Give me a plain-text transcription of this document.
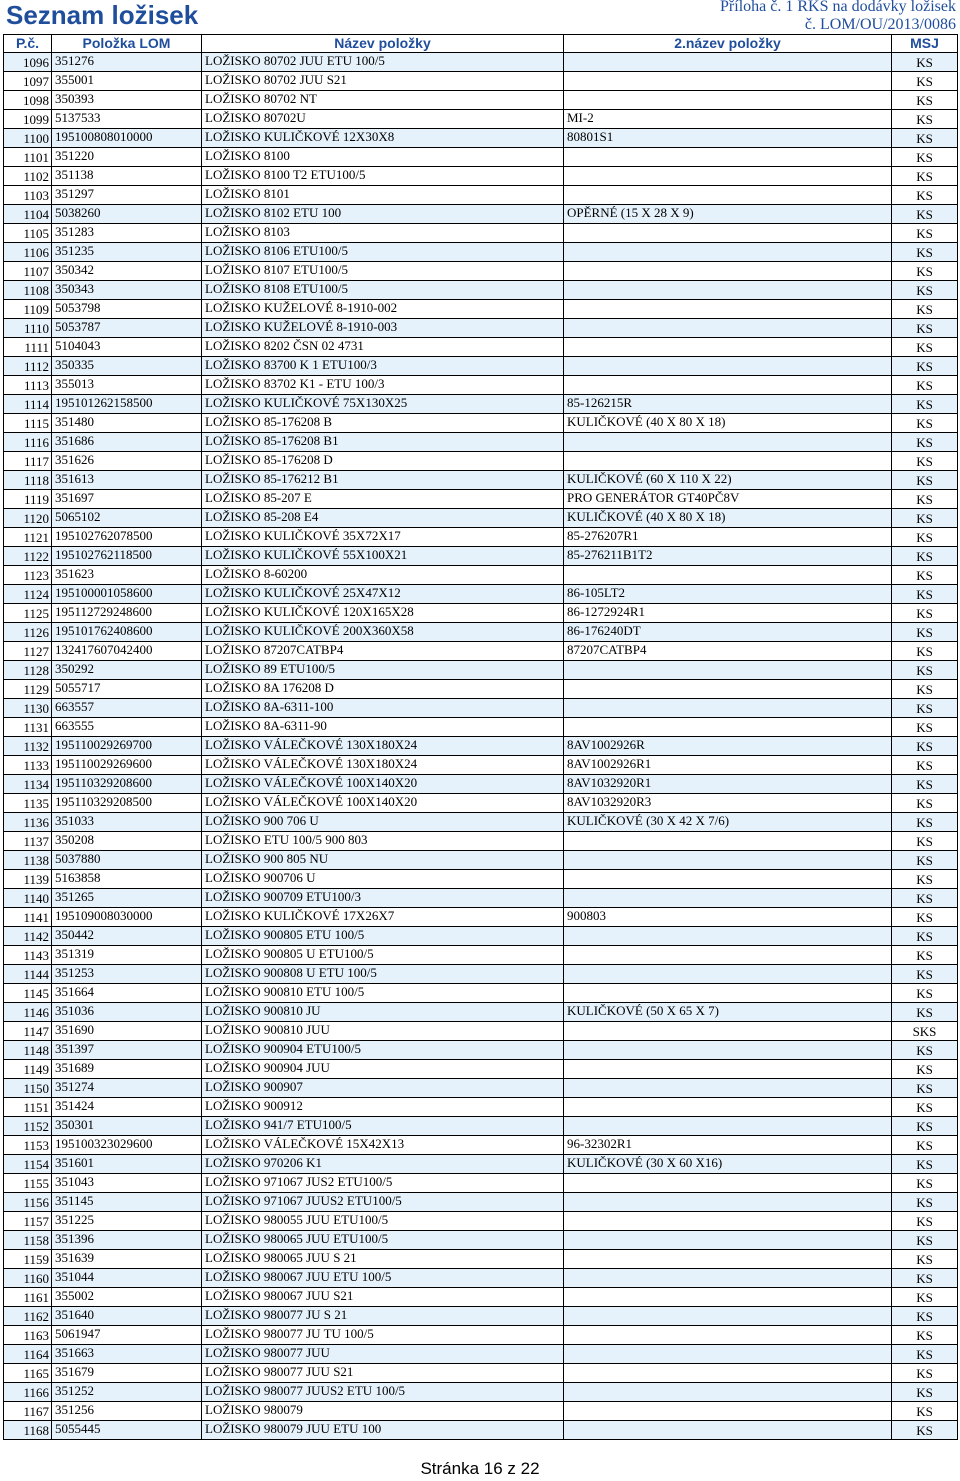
Seznam ložisek	Příloha č. 1 RKS na dodávky ložisek
č. LOM/OU/2013/0086
P.č.	Položka LOM	Název položky	2.název položky	MSJ
1096	351276	LOŽISKO 80702 JUU ETU 100/5		KS
1097	355001	LOŽISKO 80702 JUU S21		KS
1098	350393	LOŽISKO 80702 NT		KS
1099	5137533	LOŽISKO 80702U	MI-2	KS
1100	195100808010000	LOŽISKO KULIČKOVÉ 12X30X8	80801S1	KS
1101	351220	LOŽISKO 8100		KS
1102	351138	LOŽISKO 8100 T2 ETU100/5		KS
1103	351297	LOŽISKO 8101		KS
1104	5038260	LOŽISKO 8102 ETU 100	OPĚRNÉ (15 X 28 X 9)	KS
1105	351283	LOŽISKO 8103		KS
1106	351235	LOŽISKO 8106 ETU100/5		KS
1107	350342	LOŽISKO 8107 ETU100/5		KS
1108	350343	LOŽISKO 8108 ETU100/5		KS
1109	5053798	LOŽISKO KUŽELOVÉ 8-1910-002		KS
1110	5053787	LOŽISKO KUŽELOVÉ 8-1910-003		KS
1111	5104043	LOŽISKO 8202 ČSN 02 4731		KS
1112	350335	LOŽISKO 83700 K 1 ETU100/3		KS
1113	355013	LOŽISKO 83702 K1 - ETU 100/3		KS
1114	195101262158500	LOŽISKO KULIČKOVÉ 75X130X25	85-126215R	KS
1115	351480	LOŽISKO 85-176208 B	KULIČKOVÉ (40 X 80 X 18)	KS
1116	351686	LOŽISKO 85-176208 B1		KS
1117	351626	LOŽISKO 85-176208 D		KS
1118	351613	LOŽISKO 85-176212 B1	KULIČKOVÉ (60 X 110 X 22)	KS
1119	351697	LOŽISKO 85-207 E	PRO GENERÁTOR GT40PČ8V	KS
1120	5065102	LOŽISKO 85-208 E4	KULIČKOVÉ (40 X 80 X 18)	KS
1121	195102762078500	LOŽISKO KULIČKOVÉ 35X72X17	85-276207R1	KS
1122	195102762118500	LOŽISKO KULIČKOVÉ 55X100X21	85-276211B1T2	KS
1123	351623	LOŽISKO 8-60200		KS
1124	195100001058600	LOŽISKO KULIČKOVÉ 25X47X12	86-105LT2	KS
1125	195112729248600	LOŽISKO KULIČKOVÉ 120X165X28	86-1272924R1	KS
1126	195101762408600	LOŽISKO KULIČKOVÉ 200X360X58	86-176240DT	KS
1127	132417607042400	LOŽISKO 87207CATBP4	87207CATBP4	KS
1128	350292	LOŽISKO 89 ETU100/5		KS
1129	5055717	LOŽISKO 8A 176208 D		KS
1130	663557	LOŽISKO 8A-6311-100		KS
1131	663555	LOŽISKO 8A-6311-90		KS
1132	195110029269700	LOŽISKO VÁLEČKOVÉ 130X180X24	8AV1002926R	KS
1133	195110029269600	LOŽISKO VÁLEČKOVÉ 130X180X24	8AV1002926R1	KS
1134	195110329208600	LOŽISKO VÁLEČKOVÉ 100X140X20	8AV1032920R1	KS
1135	195110329208500	LOŽISKO VÁLEČKOVÉ 100X140X20	8AV1032920R3	KS
1136	351033	LOŽISKO 900 706 U	KULIČKOVÉ (30 X 42 X 7/6)	KS
1137	350208	LOŽISKO ETU 100/5 900 803		KS
1138	5037880	LOŽISKO 900 805 NU		KS
1139	5163858	LOŽISKO 900706 U		KS
1140	351265	LOŽISKO 900709 ETU100/3		KS
1141	195109008030000	LOŽISKO KULIČKOVÉ 17X26X7	900803	KS
1142	350442	LOŽISKO 900805 ETU 100/5		KS
1143	351319	LOŽISKO 900805 U ETU100/5		KS
1144	351253	LOŽISKO 900808 U ETU 100/5		KS
1145	351664	LOŽISKO 900810 ETU 100/5		KS
1146	351036	LOŽISKO 900810 JU	KULIČKOVÉ (50 X 65 X 7)	KS
1147	351690	LOŽISKO 900810 JUU		SKS
1148	351397	LOŽISKO 900904 ETU100/5		KS
1149	351689	LOŽISKO 900904 JUU		KS
1150	351274	LOŽISKO 900907		KS
1151	351424	LOŽISKO 900912		KS
1152	350301	LOŽISKO 941/7 ETU100/5		KS
1153	195100323029600	LOŽISKO VÁLEČKOVÉ 15X42X13	96-32302R1	KS
1154	351601	LOŽISKO 970206 K1	KULIČKOVÉ (30 X 60 X16)	KS
1155	351043	LOŽISKO 971067 JUS2 ETU100/5		KS
1156	351145	LOŽISKO 971067 JUUS2 ETU100/5		KS
1157	351225	LOŽISKO 980055 JUU ETU100/5		KS
1158	351396	LOŽISKO 980065 JUU ETU100/5		KS
1159	351639	LOŽISKO 980065 JUU S 21		KS
1160	351044	LOŽISKO 980067 JUU ETU 100/5		KS
1161	355002	LOŽISKO 980067 JUU S21		KS
1162	351640	LOŽISKO 980077 JU S 21		KS
1163	5061947	LOŽISKO 980077 JU TU 100/5		KS
1164	351663	LOŽISKO 980077 JUU		KS
1165	351679	LOŽISKO 980077 JUU S21		KS
1166	351252	LOŽISKO 980077 JUUS2 ETU 100/5		KS
1167	351256	LOŽISKO 980079		KS
1168	5055445	LOŽISKO 980079 JUU ETU 100		KS
Stránka 16 z 22
